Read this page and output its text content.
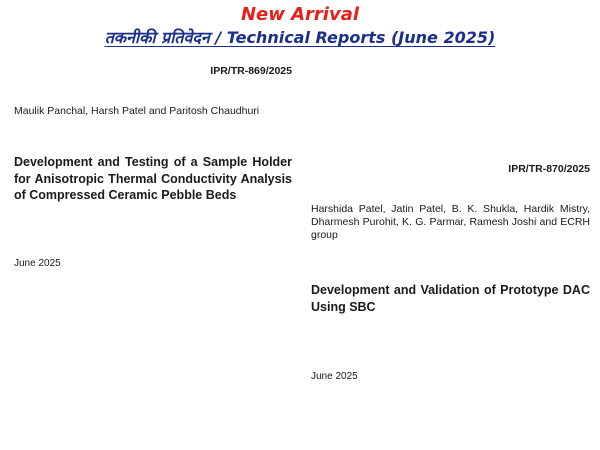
New Arrival
तकनीकी प्रतिवेदन / Technical Reports (June 2025)
IPR/TR-869/2025
Maulik Panchal, Harsh Patel and Paritosh Chaudhuri
Development and Testing of a Sample Holder for Anisotropic Thermal Conductivity Analysis of Compressed Ceramic Pebble Beds
June 2025
IPR/TR-870/2025
Harshida Patel, Jatin Patel, B. K. Shukla, Hardik Mistry, Dharmesh Purohit, K. G. Parmar, Ramesh Joshi and ECRH group
Development and Validation of Prototype DAC Using SBC
June 2025
